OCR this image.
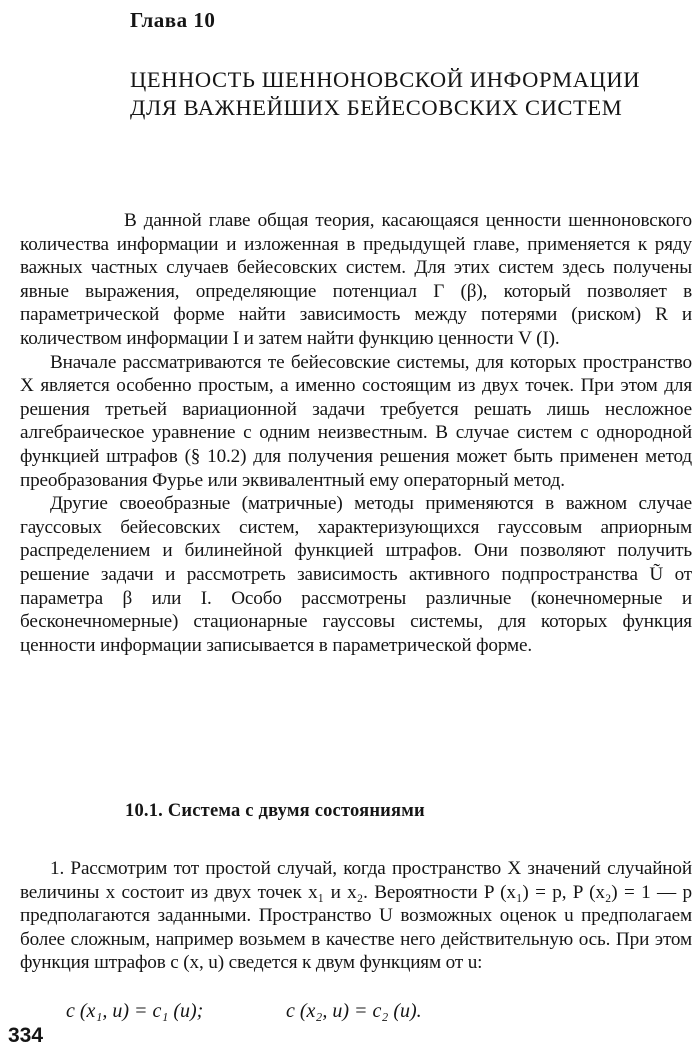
Глава 10
ЦЕННОСТЬ ШЕННОНОВСКОЙ ИНФОРМАЦИИ
ДЛЯ ВАЖНЕЙШИХ БЕЙЕСОВСКИХ СИСТЕМ

В данной главе общая теория, касающаяся ценности шенноновского количества информации и изложенная в предыдущей главе, применяется к ряду важных частных случаев бейесовских систем. Для этих систем здесь получены явные выражения, определяющие потенциал Γ (β), который позволяет в параметрической форме найти зависимость между потерями (риском) R и количеством информации I и затем найти функцию ценности V (I).

Вначале рассматриваются те бейесовские системы, для которых пространство X является особенно простым, а именно состоящим из двух точек. При этом для решения третьей вариационной задачи требуется решать лишь несложное алгебраическое уравнение с одним неизвестным. В случае систем с однородной функцией штрафов (§ 10.2) для получения решения может быть применен метод преобразования Фурье или эквивалентный ему операторный метод.

Другие своеобразные (матричные) методы применяются в важном случае гауссовых бейесовских систем, характеризующихся гауссовым априорным распределением и билинейной функцией штрафов. Они позволяют получить решение задачи и рассмотреть зависимость активного подпространства Ũ от параметра β или I. Особо рассмотрены различные (конечномерные и бесконечномерные) стационарные гауссовы системы, для которых функция ценности информации записывается в параметрической форме.

10.1. Система с двумя состояниями

1. Рассмотрим тот простой случай, когда пространство X значений случайной величины x состоит из двух точек x₁ и x₂. Вероятности P (x₁) = p, P (x₂) = 1 — p предполагаются заданными. Пространство U возможных оценок u предполагаем более сложным, например возьмем в качестве него действительную ось. При этом функция штрафов c (x, u) сведется к двум функциям от u:

c (x₁, u) = c₁ (u);	c (x₂, u) = c₂ (u).
334
